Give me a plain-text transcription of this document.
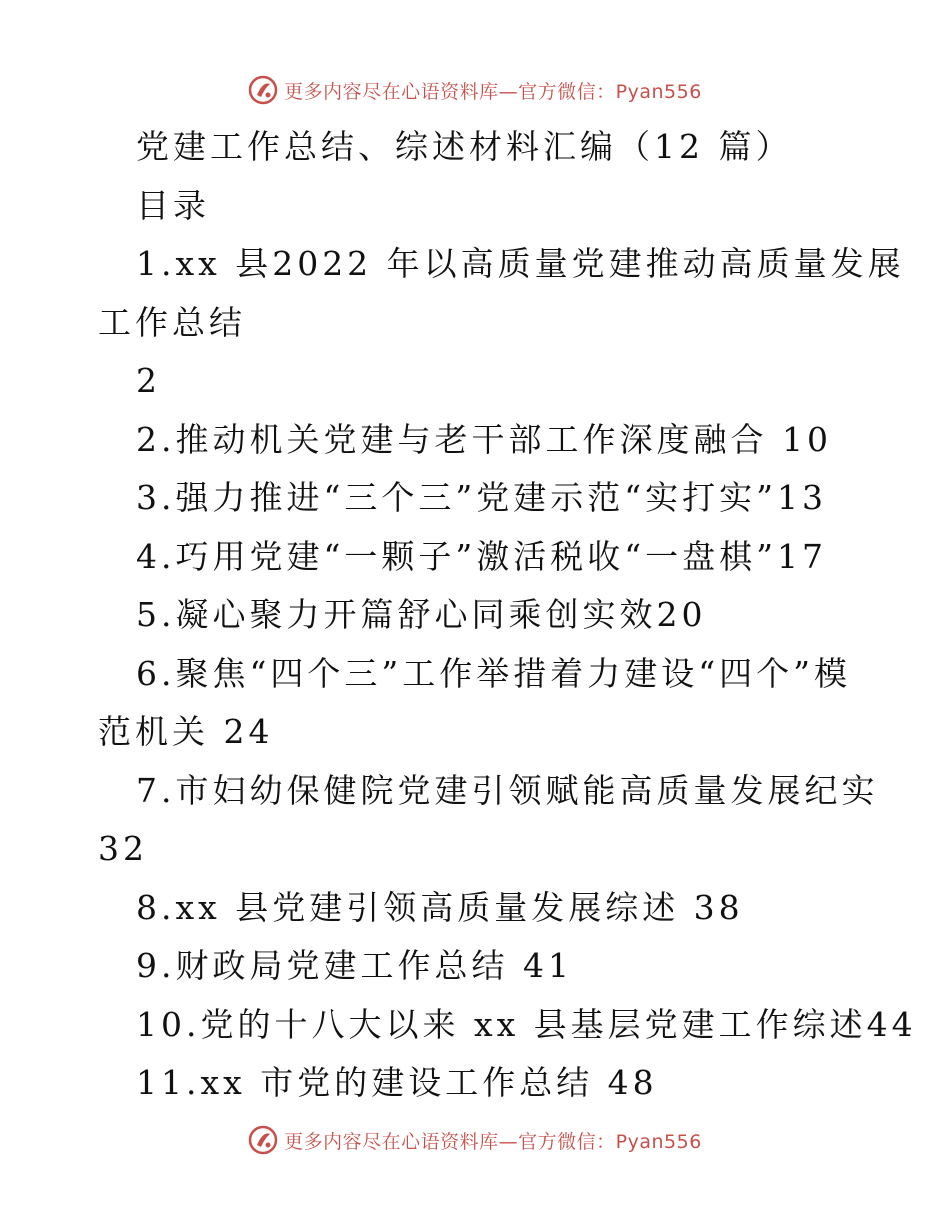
更多内容尽在心语资料库—官方微信：Pyan556

党建工作总结、综述材料汇编（12 篇）

目录

1.xx 县2022 年以高质量党建推动高质量发展

工作总结

2

2.推动机关党建与老干部工作深度融合 10

3.强力推进“三个三”党建示范“实打实”13

4.巧用党建“一颗子”激活税收“一盘棋”17

5.凝心聚力开篇舒心同乘创实效20

6.聚焦“四个三”工作举措着力建设“四个”模

范机关 24

7.市妇幼保健院党建引领赋能高质量发展纪实

32

8.xx 县党建引领高质量发展综述 38

9.财政局党建工作总结 41

10.党的十八大以来 xx 县基层党建工作综述44

11.xx 市党的建设工作总结 48

更多内容尽在心语资料库—官方微信：Pyan556
